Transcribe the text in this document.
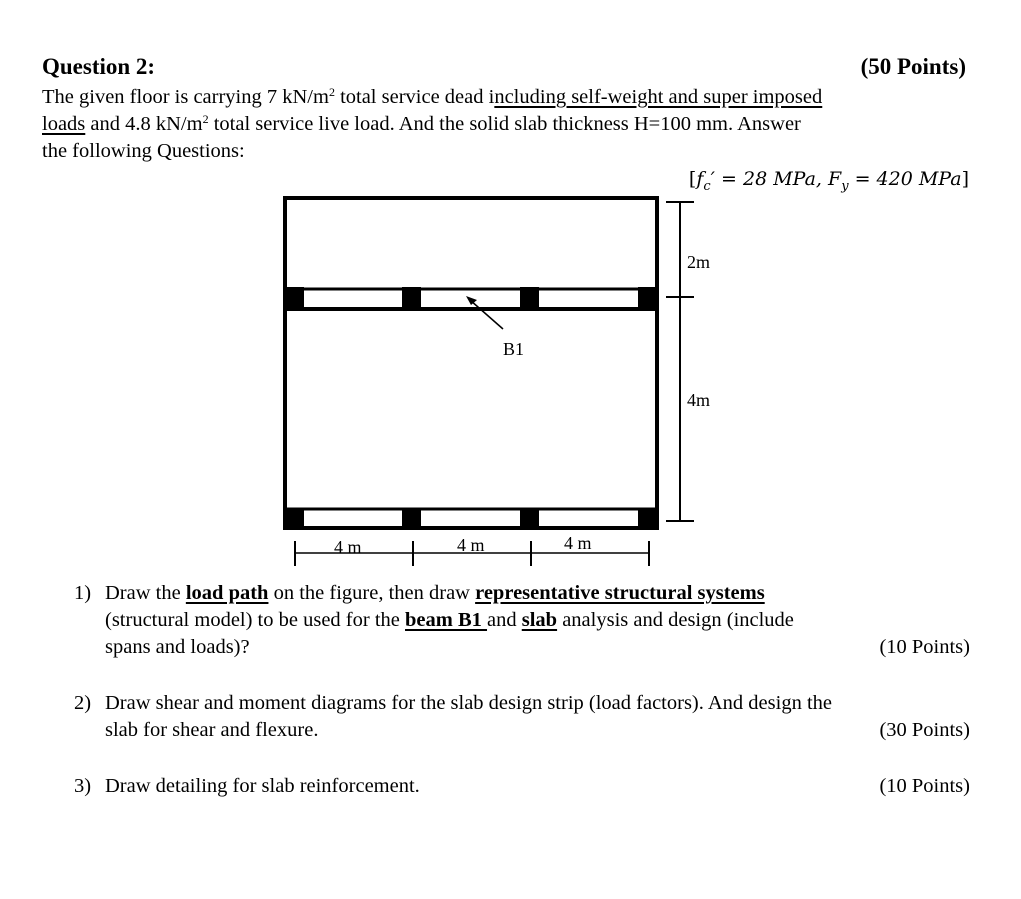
Question 2:	(50 Points)
The given floor is carrying 7 $kN/m^2$ total service dead including self-weight and super imposed
loads and 4.8 $kN/m^2$ total service live load. And the solid slab thickness H=100 mm. Answer
the following Questions:
[$f_c' = 28$ MPa, $F_y = 420$ MPa]
B1
2m
4m
4 m	4 m	4 m
1) Draw the load path on the figure, then draw representative structural systems
(structural model) to be used for the beam B1 and slab analysis and design (include
spans and loads)?	(10 Points)
2) Draw shear and moment diagrams for the slab design strip (load factors). And design the
slab for shear and flexure.	(30 Points)
3) Draw detailing for slab reinforcement.	(10 Points)
